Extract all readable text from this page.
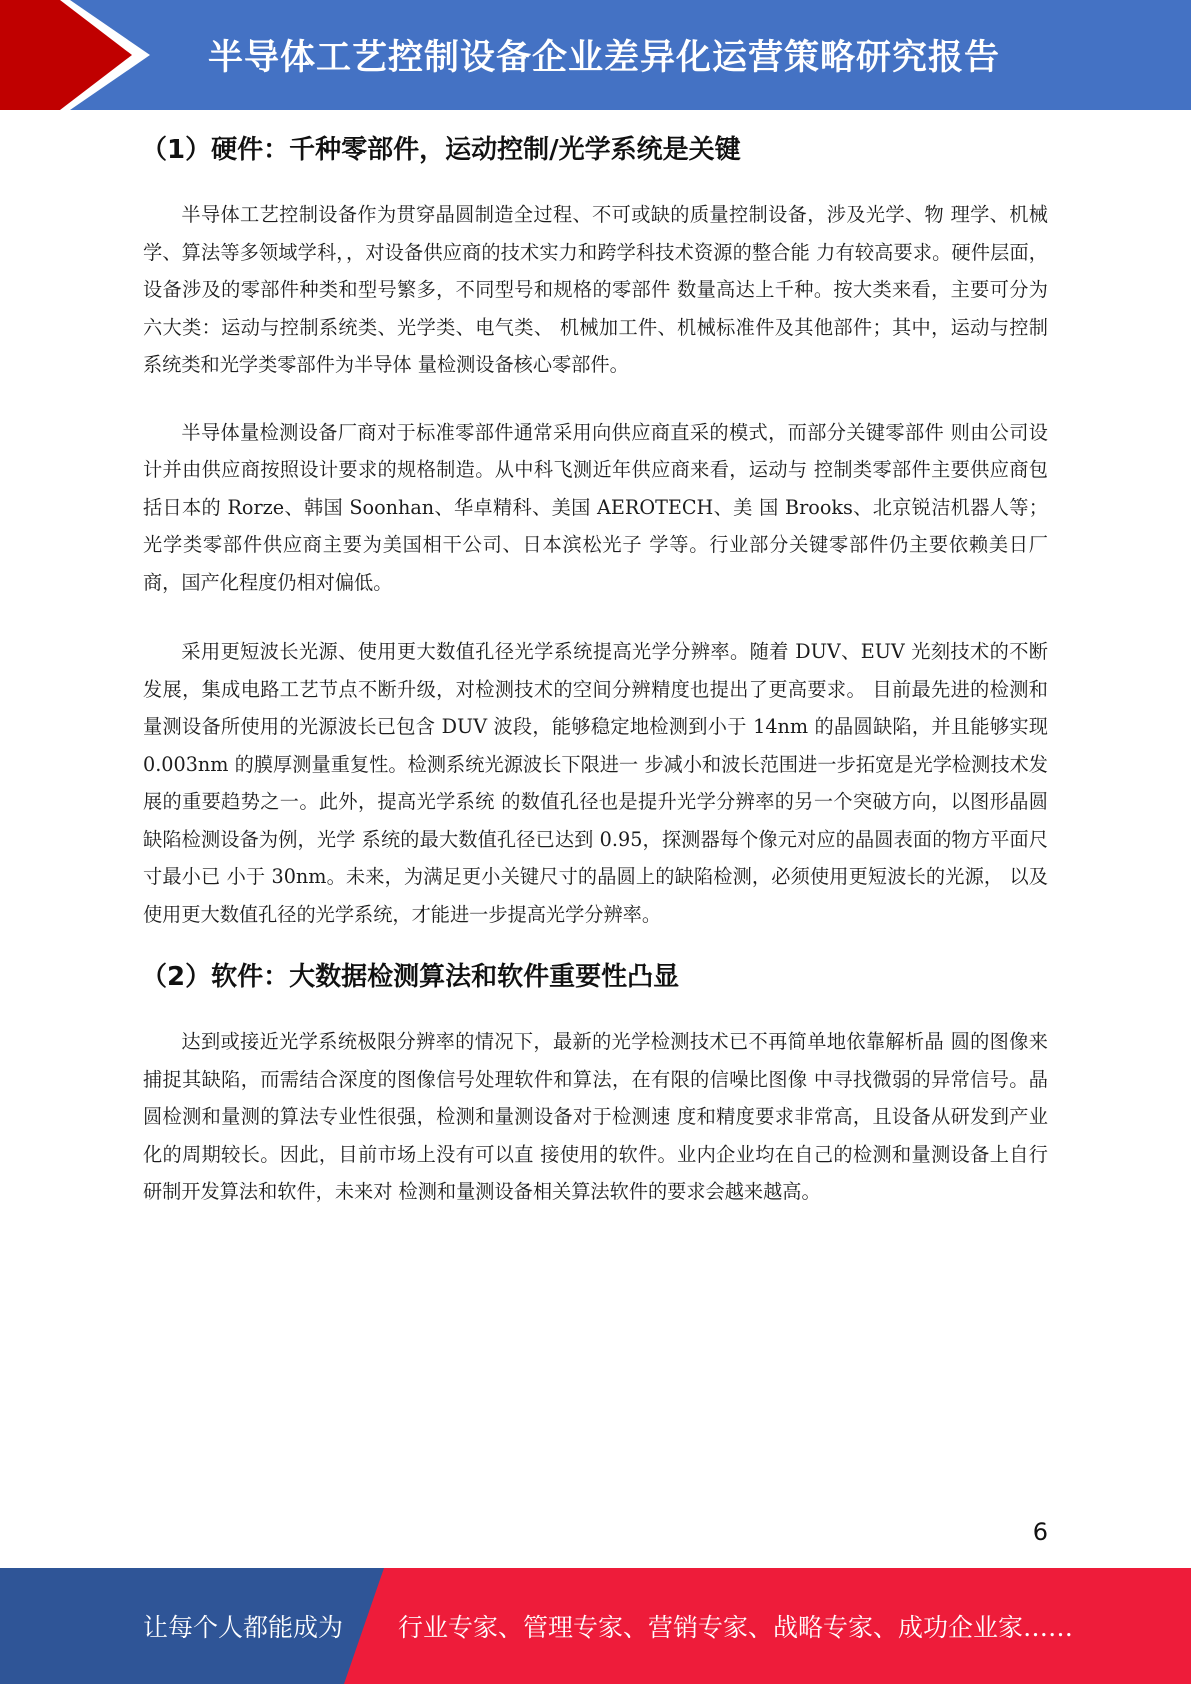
半导体工艺控制设备企业差异化运营策略研究报告
（1）硬件：千种零部件，运动控制/光学系统是关键

半导体工艺控制设备作为贯穿晶圆制造全过程、不可或缺的质量控制设备，涉及光学、物 理学、机械学、算法等多领域学科，，对设备供应商的技术实力和跨学科技术资源的整合能 力有较高要求。硬件层面，设备涉及的零部件种类和型号繁多，不同型号和规格的零部件 数量高达上千种。按大类来看，主要可分为六大类：运动与控制系统类、光学类、电气类、 机械加工件、机械标准件及其他部件；其中，运动与控制系统类和光学类零部件为半导体 量检测设备核心零部件。

半导体量检测设备厂商对于标准零部件通常采用向供应商直采的模式，而部分关键零部件 则由公司设计并由供应商按照设计要求的规格制造。从中科飞测近年供应商来看，运动与 控制类零部件主要供应商包括日本的 Rorze、韩国 Soonhan、华卓精科、美国 AEROTECH、美 国 Brooks、北京锐洁机器人等；光学类零部件供应商主要为美国相干公司、日本滨松光子 学等。行业部分关键零部件仍主要依赖美日厂商，国产化程度仍相对偏低。

采用更短波长光源、使用更大数值孔径光学系统提高光学分辨率。随着 DUV、EUV 光刻技术的不断发展，集成电路工艺节点不断升级，对检测技术的空间分辨精度也提出了更高要求。 目前最先进的检测和量测设备所使用的光源波长已包含 DUV 波段，能够稳定地检测到小于 14nm 的晶圆缺陷，并且能够实现 0.003nm 的膜厚测量重复性。检测系统光源波长下限进一 步减小和波长范围进一步拓宽是光学检测技术发展的重要趋势之一。此外，提高光学系统 的数值孔径也是提升光学分辨率的另一个突破方向，以图形晶圆缺陷检测设备为例，光学 系统的最大数值孔径已达到 0.95，探测器每个像元对应的晶圆表面的物方平面尺寸最小已 小于 30nm。未来，为满足更小关键尺寸的晶圆上的缺陷检测，必须使用更短波长的光源， 以及使用更大数值孔径的光学系统，才能进一步提高光学分辨率。

（2）软件：大数据检测算法和软件重要性凸显

达到或接近光学系统极限分辨率的情况下，最新的光学检测技术已不再简单地依靠解析晶 圆的图像来捕捉其缺陷，而需结合深度的图像信号处理软件和算法，在有限的信噪比图像 中寻找微弱的异常信号。晶圆检测和量测的算法专业性很强，检测和量测设备对于检测速 度和精度要求非常高，且设备从研发到产业化的周期较长。因此，目前市场上没有可以直 接使用的软件。业内企业均在自己的检测和量测设备上自行研制开发算法和软件，未来对 检测和量测设备相关算法软件的要求会越来越高。

6
让每个人都能成为 行业专家、管理专家、营销专家、战略专家、成功企业家……
